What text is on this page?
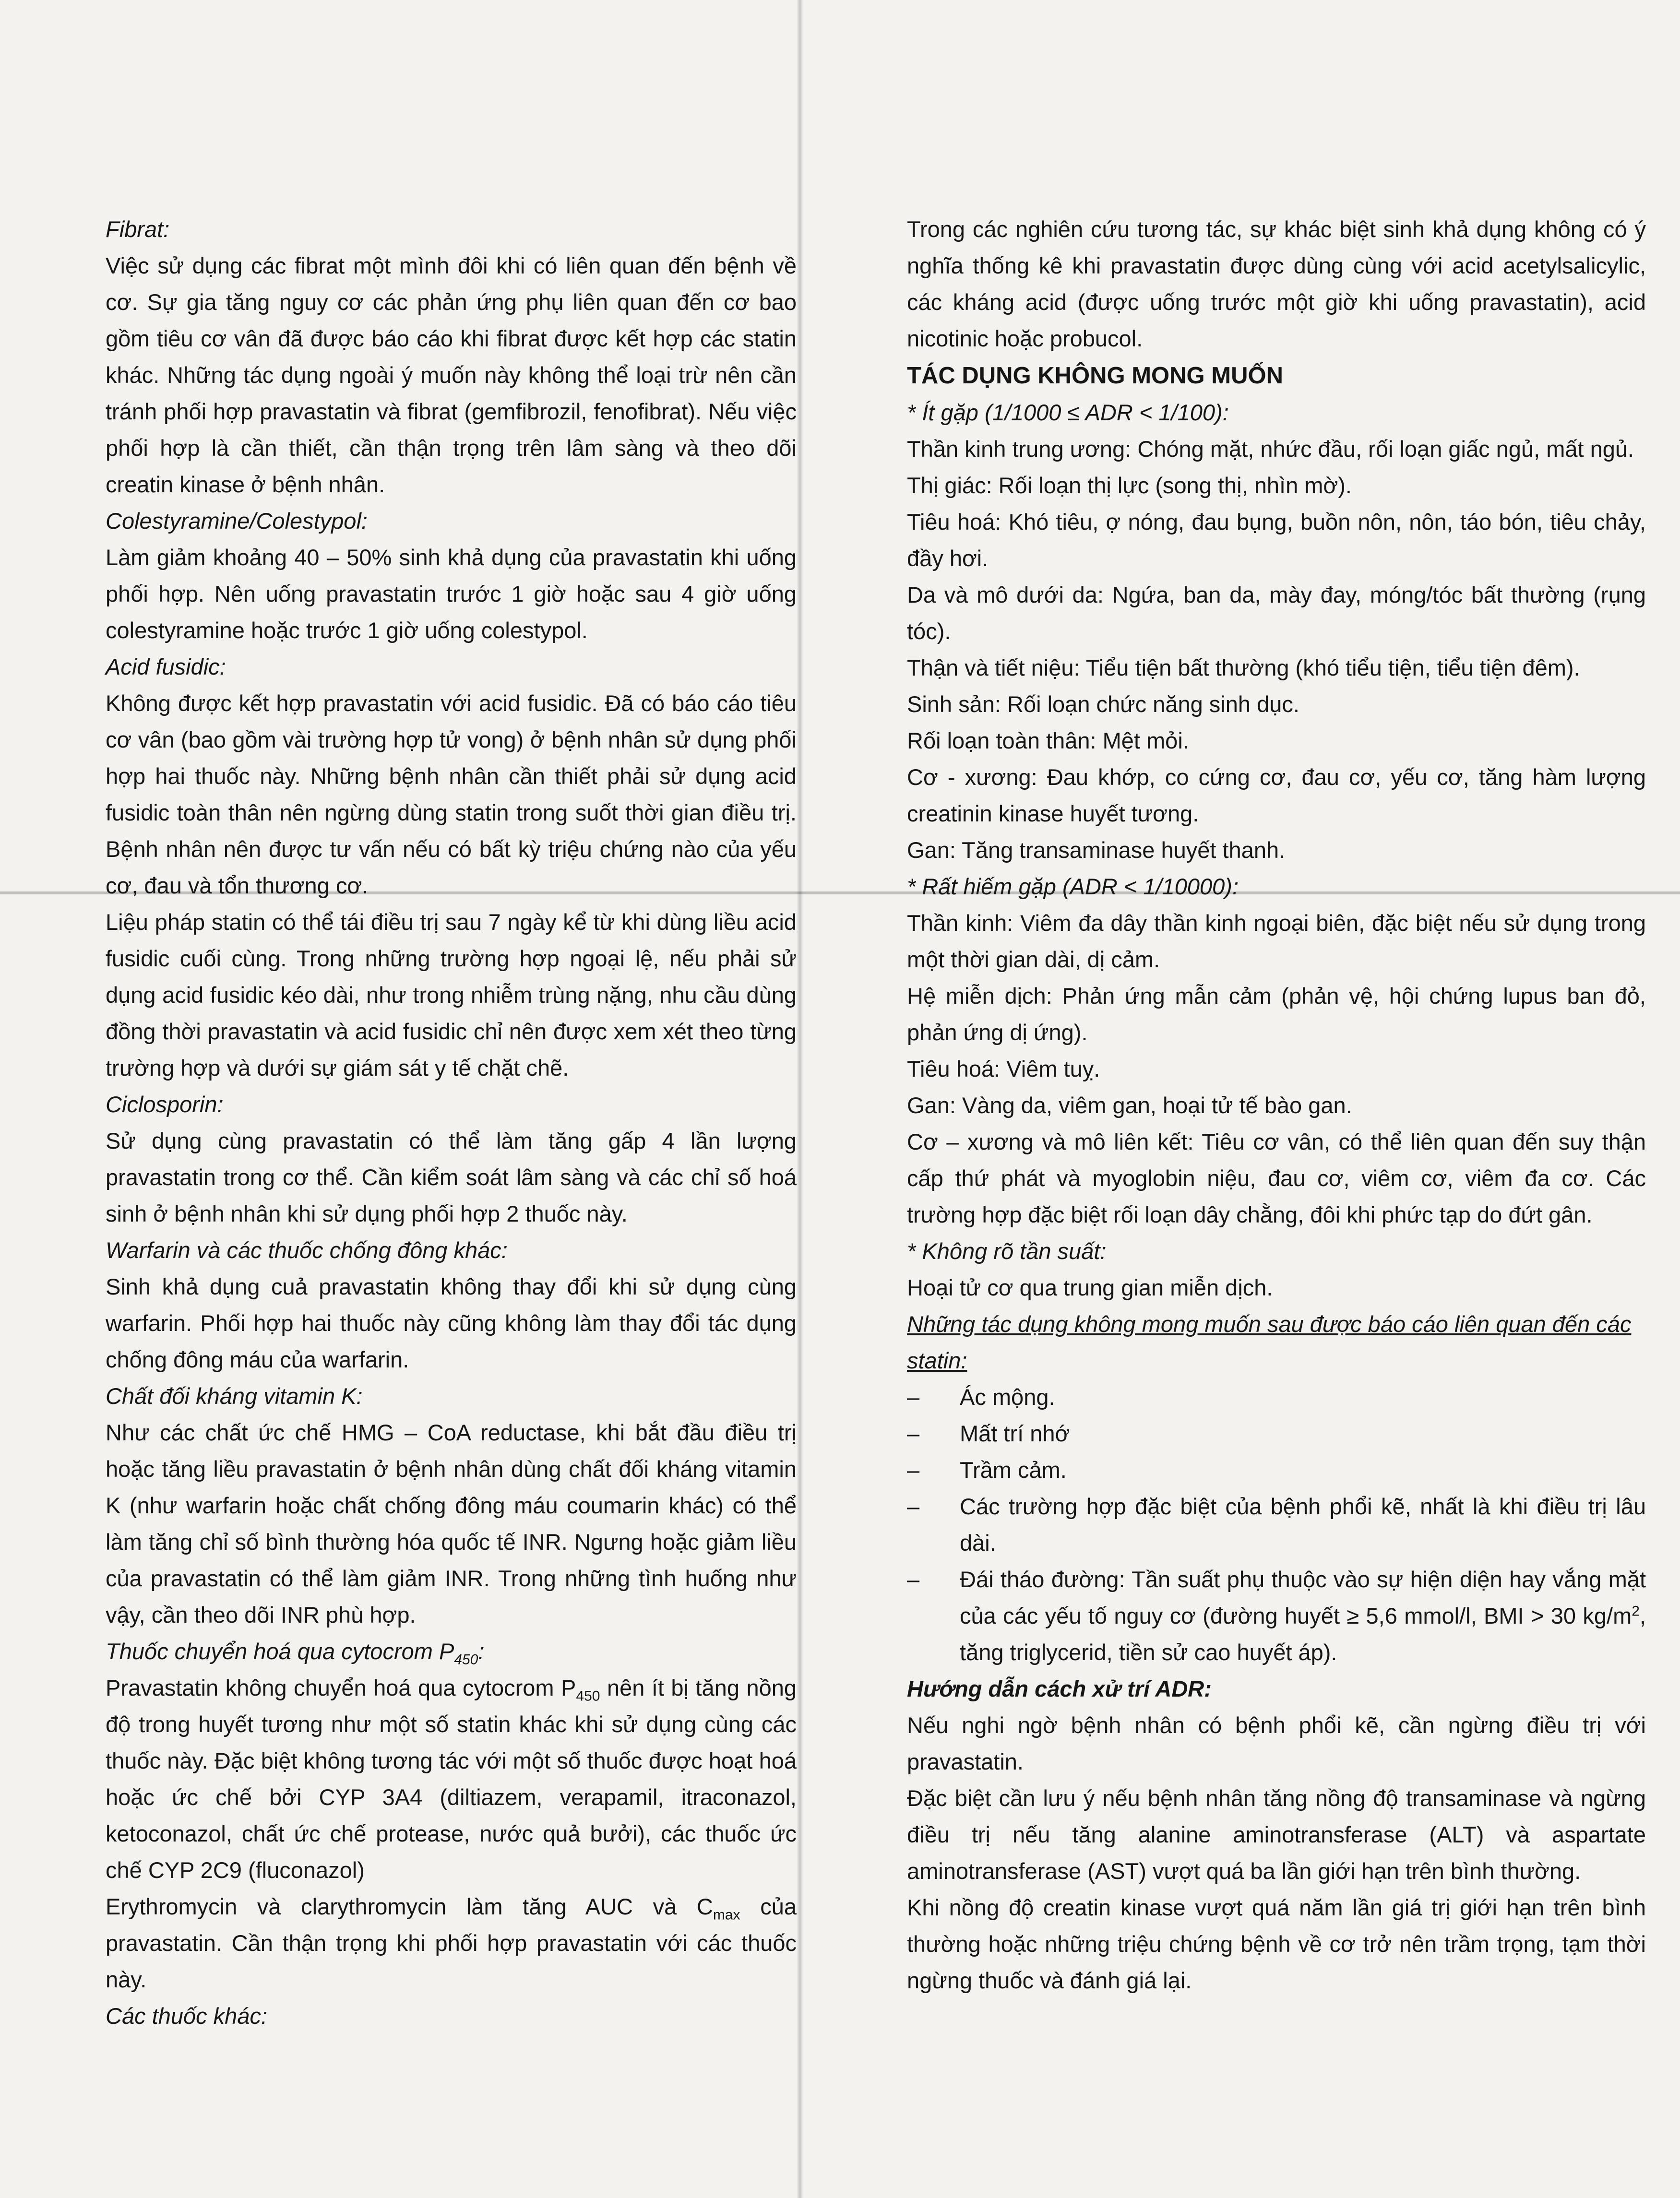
Fibrat:

Việc sử dụng các fibrat một mình đôi khi có liên quan đến bệnh về cơ. Sự gia tăng nguy cơ các phản ứng phụ liên quan đến cơ bao gồm tiêu cơ vân đã được báo cáo khi fibrat được kết hợp các statin khác. Những tác dụng ngoài ý muốn này không thể loại trừ nên cần tránh phối hợp pravastatin và fibrat (gemfibrozil, fenofibrat). Nếu việc phối hợp là cần thiết, cần thận trọng trên lâm sàng và theo dõi creatin kinase ở bệnh nhân.

Colestyramine/Colestypol:

Làm giảm khoảng 40 – 50% sinh khả dụng của pravastatin khi uống phối hợp. Nên uống pravastatin trước 1 giờ hoặc sau 4 giờ uống colestyramine hoặc trước 1 giờ uống colestypol.

Acid fusidic:

Không được kết hợp pravastatin với acid fusidic. Đã có báo cáo tiêu cơ vân (bao gồm vài trường hợp tử vong) ở bệnh nhân sử dụng phối hợp hai thuốc này. Những bệnh nhân cần thiết phải sử dụng acid fusidic toàn thân nên ngừng dùng statin trong suốt thời gian điều trị. Bệnh nhân nên được tư vấn nếu có bất kỳ triệu chứng nào của yếu cơ, đau và tổn thương cơ.

Liệu pháp statin có thể tái điều trị sau 7 ngày kể từ khi dùng liều acid fusidic cuối cùng. Trong những trường hợp ngoại lệ, nếu phải sử dụng acid fusidic kéo dài, như trong nhiễm trùng nặng, nhu cầu dùng đồng thời pravastatin và acid fusidic chỉ nên được xem xét theo từng trường hợp và dưới sự giám sát y tế chặt chẽ.

Ciclosporin:

Sử dụng cùng pravastatin có thể làm tăng gấp 4 lần lượng pravastatin trong cơ thể. Cần kiểm soát lâm sàng và các chỉ số hoá sinh ở bệnh nhân khi sử dụng phối hợp 2 thuốc này.

Warfarin và các thuốc chống đông khác:

Sinh khả dụng cuả pravastatin không thay đổi khi sử dụng cùng warfarin. Phối hợp hai thuốc này cũng không làm thay đổi tác dụng chống đông máu của warfarin.

Chất đối kháng vitamin K:

Như các chất ức chế HMG – CoA reductase, khi bắt đầu điều trị hoặc tăng liều pravastatin ở bệnh nhân dùng chất đối kháng vitamin K (như warfarin hoặc chất chống đông máu coumarin khác) có thể làm tăng chỉ số bình thường hóa quốc tế INR. Ngưng hoặc giảm liều của pravastatin có thể làm giảm INR. Trong những tình huống như vậy, cần theo dõi INR phù hợp.

Thuốc chuyển hoá qua cytocrom $P_{450}$:

Pravastatin không chuyển hoá qua cytocrom $P_{450}$ nên ít bị tăng nồng độ trong huyết tương như một số statin khác khi sử dụng cùng các thuốc này. Đặc biệt không tương tác với một số thuốc được hoạt hoá hoặc ức chế bởi CYP 3A4 (diltiazem, verapamil, itraconazol, ketoconazol, chất ức chế protease, nước quả bưởi), các thuốc ức chế CYP 2C9 (fluconazol)

Erythromycin và clarythromycin làm tăng AUC và $C_{max}$ của pravastatin. Cần thận trọng khi phối hợp pravastatin với các thuốc này.

Các thuốc khác:

Trong các nghiên cứu tương tác, sự khác biệt sinh khả dụng không có ý nghĩa thống kê khi pravastatin được dùng cùng với acid acetylsalicylic, các kháng acid (được uống trước một giờ khi uống pravastatin), acid nicotinic hoặc probucol.

TÁC DỤNG KHÔNG MONG MUỐN

* Ít gặp (1/1000 ≤ ADR < 1/100):

Thần kinh trung ương: Chóng mặt, nhức đầu, rối loạn giấc ngủ, mất ngủ.

Thị giác: Rối loạn thị lực (song thị, nhìn mờ).

Tiêu hoá: Khó tiêu, ợ nóng, đau bụng, buồn nôn, nôn, táo bón, tiêu chảy, đầy hơi.

Da và mô dưới da: Ngứa, ban da, mày đay, móng/tóc bất thường (rụng tóc).

Thận và tiết niệu: Tiểu tiện bất thường (khó tiểu tiện, tiểu tiện đêm).

Sinh sản: Rối loạn chức năng sinh dục.

Rối loạn toàn thân: Mệt mỏi.

Cơ - xương: Đau khớp, co cứng cơ, đau cơ, yếu cơ, tăng hàm lượng creatinin kinase huyết tương.

Gan: Tăng transaminase huyết thanh.

* Rất hiếm gặp (ADR < 1/10000):

Thần kinh: Viêm đa dây thần kinh ngoại biên, đặc biệt nếu sử dụng trong một thời gian dài, dị cảm.

Hệ miễn dịch: Phản ứng mẫn cảm (phản vệ, hội chứng lupus ban đỏ, phản ứng dị ứng).

Tiêu hoá: Viêm tuỵ.

Gan: Vàng da, viêm gan, hoại tử tế bào gan.

Cơ – xương và mô liên kết: Tiêu cơ vân, có thể liên quan đến suy thận cấp thứ phát và myoglobin niệu, đau cơ, viêm cơ, viêm đa cơ. Các trường hợp đặc biệt rối loạn dây chằng, đôi khi phức tạp do đứt gân.

* Không rõ tần suất:

Hoại tử cơ qua trung gian miễn dịch.

Những tác dụng không mong muốn sau được báo cáo liên quan đến các statin:

– Ác mộng.
– Mất trí nhớ
– Trầm cảm.
– Các trường hợp đặc biệt của bệnh phổi kẽ, nhất là khi điều trị lâu dài.
– Đái tháo đường: Tần suất phụ thuộc vào sự hiện diện hay vắng mặt của các yếu tố nguy cơ (đường huyết ≥ 5,6 mmol/l, BMI > 30 $kg/m^2$, tăng triglycerid, tiền sử cao huyết áp).

Hướng dẫn cách xử trí ADR:

Nếu nghi ngờ bệnh nhân có bệnh phổi kẽ, cần ngừng điều trị với pravastatin.

Đặc biệt cần lưu ý nếu bệnh nhân tăng nồng độ transaminase và ngừng điều trị nếu tăng alanine aminotransferase (ALT) và aspartate aminotransferase (AST) vượt quá ba lần giới hạn trên bình thường.

Khi nồng độ creatin kinase vượt quá năm lần giá trị giới hạn trên bình thường hoặc những triệu chứng bệnh về cơ trở nên trầm trọng, tạm thời ngừng thuốc và đánh giá lại.
